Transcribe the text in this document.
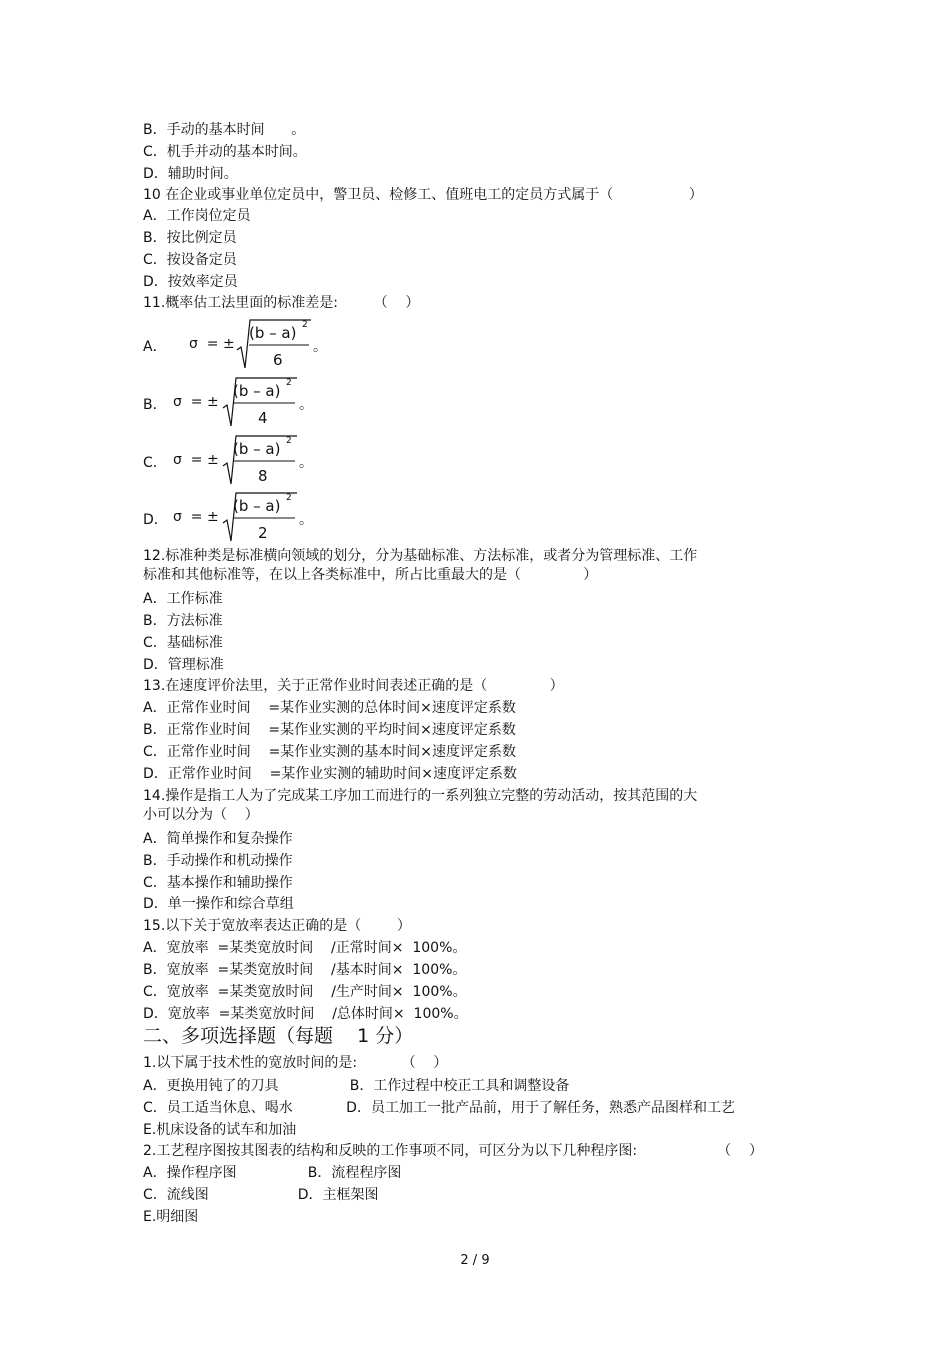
B．手动的基本时间      。
C．机手并动的基本时间。
D．辅助时间。
10 在企业或事业单位定员中，警卫员、检修工、值班电工的定员方式属于（                 ）
A．工作岗位定员
B．按比例定员
C．按设备定员
D．按效率定员
11.概率估工法里面的标准差是:        （    ）
A． σ  = ±
(b – a) 2
6
。
B． σ  = ±
(b – a) 2
4
。
C． σ  = ±
(b – a) 2
8
。
D． σ  = ±
(b – a) 2
2
。
12.标准种类是标准横向领域的划分，分为基础标准、方法标准，或者分为管理标准、工作
标准和其他标准等，在以上各类标准中，所占比重最大的是（              ）
A．工作标准
B．方法标准
C．基础标准
D．管理标准
13.在速度评价法里，关于正常作业时间表述正确的是（              ）
A．正常作业时间    =某作业实测的总体时间×速度评定系数
B．正常作业时间    =某作业实测的平均时间×速度评定系数
C．正常作业时间    =某作业实测的基本时间×速度评定系数
D．正常作业时间    =某作业实测的辅助时间×速度评定系数
14.操作是指工人为了完成某工序加工而进行的一系列独立完整的劳动活动，按其范围的大
小可以分为（    ）
A．简单操作和复杂操作
B．手动操作和机动操作
C．基本操作和辅助操作
D．单一操作和综合草组
15.以下关于宽放率表达正确的是（        ）
A．宽放率  =某类宽放时间    /正常时间×  100%。
B．宽放率  =某类宽放时间    /基本时间×  100%。
C．宽放率  =某类宽放时间    /生产时间×  100%。
D．宽放率  =某类宽放时间    /总体时间×  100%。
二、多项选择题（每题    1 分）
1.以下属于技术性的宽放时间的是:          （    ）
A．更换用钝了的刀具                B．工作过程中校正工具和调整设备
C．员工适当休息、喝水            D．员工加工一批产品前，用于了解任务，熟悉产品图样和工艺
E.机床设备的试车和加油
2.工艺程序图按其图表的结构和反映的工作事项不同，可区分为以下几种程序图:                  （    ）
A．操作程序图                B．流程程序图
C．流线图                    D．主框架图
E.明细图
2 / 9
